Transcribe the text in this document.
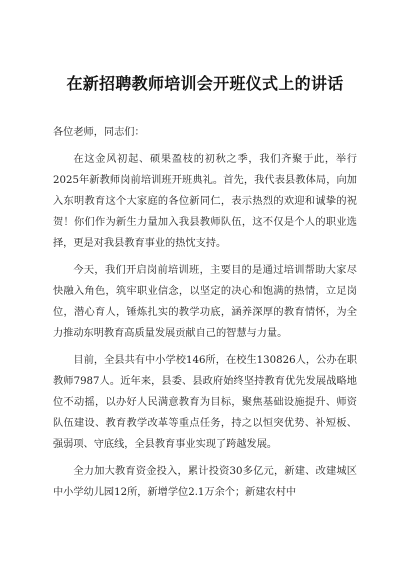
在新招聘教师培训会开班仪式上的讲话

各位老师，同志们：

在这金风初起、硕果盈枝的初秋之季，我们齐聚于此，举行2025年新教师岗前培训班开班典礼。首先，我代表县教体局，向加入东明教育这个大家庭的各位新同仁，表示热烈的欢迎和诚挚的祝贺！你们作为新生力量加入我县教师队伍，这不仅是个人的职业选择，更是对我县教育事业的热忱支持。

今天，我们开启岗前培训班，主要目的是通过培训帮助大家尽快融入角色，筑牢职业信念，以坚定的决心和饱满的热情，立足岗位，潜心育人，锤炼扎实的教学功底，涵养深厚的教育情怀，为全力推动东明教育高质量发展贡献自己的智慧与力量。

目前，全县共有中小学校146所，在校生130826人，公办在职教师7987人。近年来，县委、县政府始终坚持教育优先发展战略地位不动摇，以办好人民满意教育为目标，聚焦基础设施提升、师资队伍建设、教育教学改革等重点任务，持之以恒突优势、补短板、强弱项、守底线，全县教育事业实现了跨越发展。

全力加大教育资金投入，累计投资30多亿元，新建、改建城区中小学幼儿园12所，新增学位2.1万余个；新建农村中
